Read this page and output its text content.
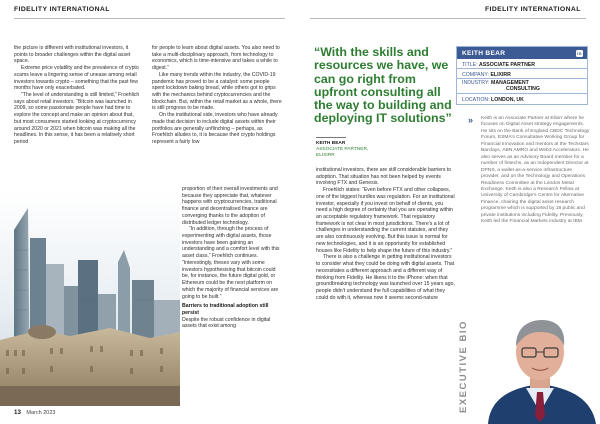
FIDELITY INTERNATIONAL	FIDELITY INTERNATIONAL

the picture is different with institutional investors, it points to broader challenges within the digital asset space.

Extreme price volatility and the prevalence of crypto scams leave a lingering sense of unease among retail investors towards crypto – something that the past few months have only exacerbated.

“The level of understanding is still limited,” Froehlich says about retail investors. “Bitcoin was launched in 2009, so some passionate people have had time to explore the concept and make an opinion about that, but most consumers started looking at cryptocurrency around 2020 or 2021 when bitcoin was making all the headlines. In this sense, it has been a relatively short period

for people to learn about digital assets. You also need to take a multi-disciplinary approach, from technology to economics, which is time-intensive and takes a while to digest.”

Like many trends within the industry, the COVID-19 pandemic has proved to be a catalyst: some people spent lockdown baking bread, while others got to grips with the mechanics behind cryptocurrencies and the blockchain. But, within the retail market as a whole, there is still progress to be made.

On the institutional side, investors who have already made that decision to include digital assets within their portfolios are generally unflinching – perhaps, as Froehlich alludes to, it is because their crypto holdings represent a fairly low

proportion of their overall investments and because they appreciate that, whatever happens with cryptocurrencies, traditional finance and decentralised finance are converging thanks to the adoption of distributed ledger technology.

“In addition, through the process of experimenting with digital assets, those investors have been gaining an understanding and a comfort level with this asset class,” Froehlich continues. “Interestingly, theses vary with some investors hypothesising that bitcoin could be, for instance, the future digital gold, or Ethereum could be the next platform on which the majority of financial services are going to be built.”

Barriers to traditional adoption still persist

Despite the robust confidence in digital assets that exist among

13 March 2023
“With the skills and resources we have, we can go right from upfront consulting all the way to building and deploying IT solutions”
KEITH BEAR
ASSOCIATE PARTNER,
ELIXIRR

institutional investors, there are still considerable barriers to adoption. That situation has not been helped by events involving FTX and Genesis.

Froehlich states: “Even before FTX and other collapses, one of the biggest hurdles was regulation. For an institutional investor, especially if you invest on behalf of clients, you need a high degree of certainty that you are operating within an acceptable regulatory framework. That regulatory framework is not clear in most jurisdictions. There’s a lot of challenges in understanding the current statutes, and they are also continuously evolving. But this issue is normal for new technologies, and it is an opportunity for established houses like Fidelity to help shape the future of this industry.”

There is also a challenge in getting institutional investors to consider what they could be doing with digital assets. That necessitates a different approach and a different way of thinking from Fidelity. He likens it to the iPhone: when that groundbreaking technology was launched over 15 years ago, people didn’t understand the full capabilities of what they could do with it, whereas now it seems second-nature

KEITH BEAR	in
TITLE: ASSOCIATE PARTNER
COMPANY: ELIXIRR
INDUSTRY: MANAGEMENT
CONSULTING
LOCATION: LONDON, UK
» Keith is an Associate Partner at Elixirr where he focuses on Digital Asset strategy engagements. He sits on the Bank of England CBDC Technology Forum, ESMA’s Consultative Working Group for Financial Innovation and mentors at the Techstars Barclays, ABN AMRO and Web3 Accelerators. He also serves as an Advisory Board member for a number of fintechs, as an Independent Director at DPNS, a wallet-as-a-service infrastructure provider, and on the Technology and Operations Readiness Committee at the London Metal Exchange. Keith is also a Research Fellow at University of Cambridge’s Centre for Alternative Finance, chairing the digital asset research programme which is supported by 18 public and private institutions including Fidelity. Previously, Keith led the Financial Markets industry at IBM.
EXECUTIVE BIO
